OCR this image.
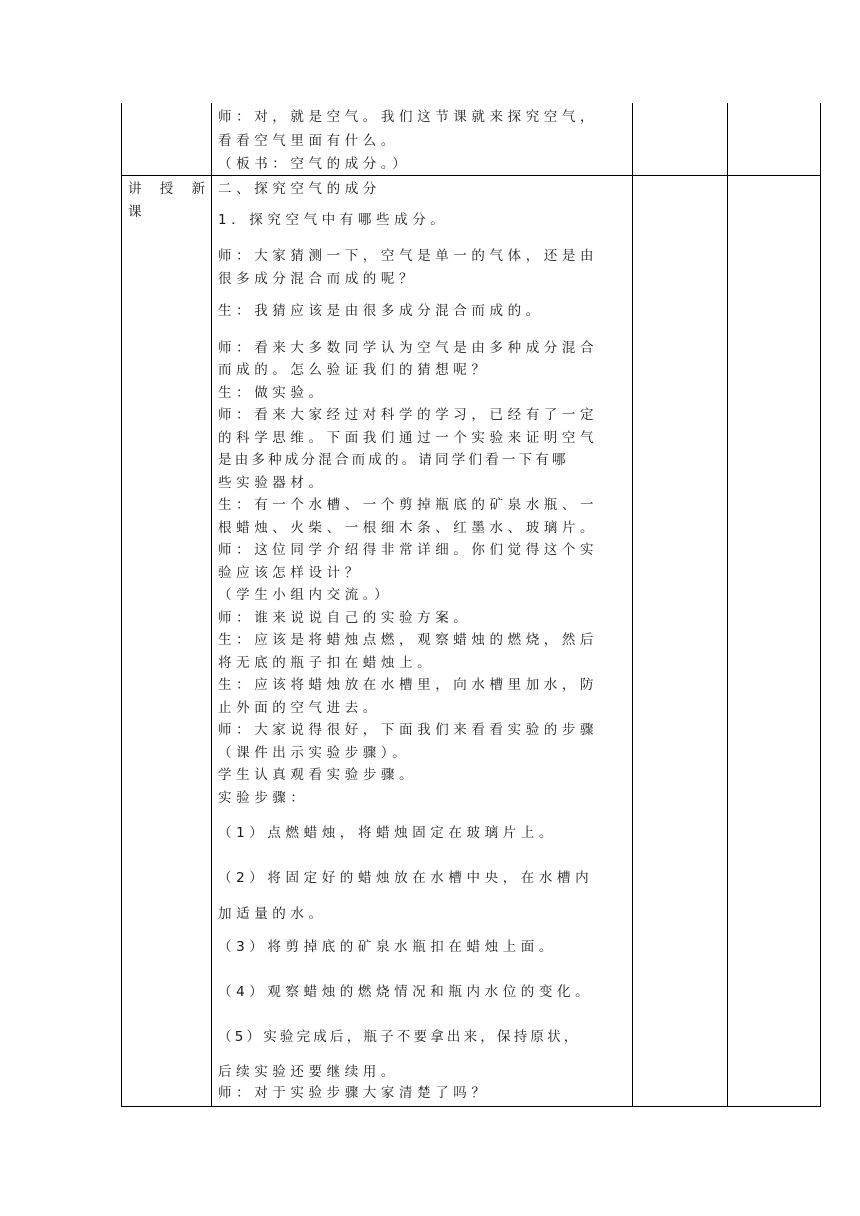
师：对，就是空气。我们这节课就来探究空气，
看看空气里面有什么。
（板书：空气的成分。）
讲 授 新
课
二、探究空气的成分
1．探究空气中有哪些成分。
师：大家猜测一下，空气是单一的气体，还是由
很多成分混合而成的呢？
生：我猜应该是由很多成分混合而成的。
师：看来大多数同学认为空气是由多种成分混合
而成的。怎么验证我们的猜想呢？
生：做实验。
师：看来大家经过对科学的学习，已经有了一定
的科学思维。下面我们通过一个实验来证明空气
是由多种成分混合而成的。请同学们看一下有哪
些实验器材。
生：有一个水槽、一个剪掉瓶底的矿泉水瓶、一
根蜡烛、火柴、一根细木条、红墨水、玻璃片。
师：这位同学介绍得非常详细。你们觉得这个实
验应该怎样设计？
（学生小组内交流。）
师：谁来说说自己的实验方案。
生：应该是将蜡烛点燃，观察蜡烛的燃烧，然后
将无底的瓶子扣在蜡烛上。
生：应该将蜡烛放在水槽里，向水槽里加水，防
止外面的空气进去。
师：大家说得很好，下面我们来看看实验的步骤
（课件出示实验步骤）。
学生认真观看实验步骤。
实验步骤：
（1）点燃蜡烛，将蜡烛固定在玻璃片上。
（2）将固定好的蜡烛放在水槽中央，在水槽内
加适量的水。
（3）将剪掉底的矿泉水瓶扣在蜡烛上面。
（4）观察蜡烛的燃烧情况和瓶内水位的变化。
（5）实验完成后，瓶子不要拿出来，保持原状，
后续实验还要继续用。
师：对于实验步骤大家清楚了吗？
